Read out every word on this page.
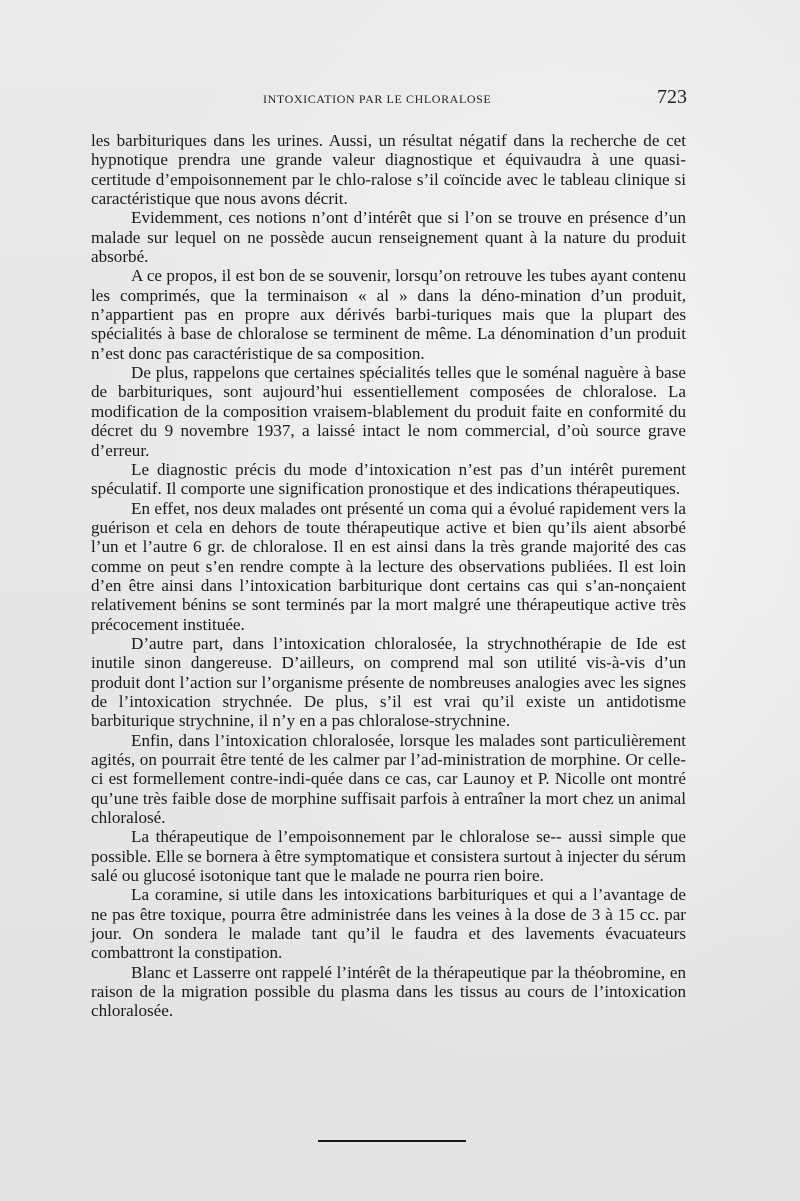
INTOXICATION PAR LE CHLORALOSE	723

les barbituriques dans les urines. Aussi, un résultat négatif dans la recherche de cet hypnotique prendra une grande valeur diagnostique et équivaudra à une quasi-certitude d’empoisonnement par le chlo-ralose s’il coïncide avec le tableau clinique si caractéristique que nous avons décrit.

Evidemment, ces notions n’ont d’intérêt que si l’on se trouve en présence d’un malade sur lequel on ne possède aucun renseignement quant à la nature du produit absorbé.

A ce propos, il est bon de se souvenir, lorsqu’on retrouve les tubes ayant contenu les comprimés, que la terminaison « al » dans la déno-mination d’un produit, n’appartient pas en propre aux dérivés barbi-turiques mais que la plupart des spécialités à base de chloralose se terminent de même. La dénomination d’un produit n’est donc pas caractéristique de sa composition.

De plus, rappelons que certaines spécialités telles que le soménal naguère à base de barbituriques, sont aujourd’hui essentiellement composées de chloralose. La modification de la composition vraisem-blablement du produit faite en conformité du décret du 9 novembre 1937, a laissé intact le nom commercial, d’où source grave d’erreur.

Le diagnostic précis du mode d’intoxication n’est pas d’un intérêt purement spéculatif. Il comporte une signification pronostique et des indications thérapeutiques.

En effet, nos deux malades ont présenté un coma qui a évolué rapidement vers la guérison et cela en dehors de toute thérapeutique active et bien qu’ils aient absorbé l’un et l’autre 6 gr. de chloralose. Il en est ainsi dans la très grande majorité des cas comme on peut s’en rendre compte à la lecture des observations publiées. Il est loin d’en être ainsi dans l’intoxication barbiturique dont certains cas qui s’an-nonçaient relativement bénins se sont terminés par la mort malgré une thérapeutique active très précocement instituée.

D’autre part, dans l’intoxication chloralosée, la strychnothérapie de Ide est inutile sinon dangereuse. D’ailleurs, on comprend mal son utilité vis-à-vis d’un produit dont l’action sur l’organisme présente de nombreuses analogies avec les signes de l’intoxication strychnée. De plus, s’il est vrai qu’il existe un antidotisme barbiturique strychnine, il n’y en a pas chloralose-strychnine.

Enfin, dans l’intoxication chloralosée, lorsque les malades sont particulièrement agités, on pourrait être tenté de les calmer par l’ad-ministration de morphine. Or celle-ci est formellement contre-indi-quée dans ce cas, car Launoy et P. Nicolle ont montré qu’une très faible dose de morphine suffisait parfois à entraîner la mort chez un animal chloralosé.

La thérapeutique de l’empoisonnement par le chloralose se-- aussi simple que possible. Elle se bornera à être symptomatique et consistera surtout à injecter du sérum salé ou glucosé isotonique tant que le malade ne pourra rien boire.

La coramine, si utile dans les intoxications barbituriques et qui a l’avantage de ne pas être toxique, pourra être administrée dans les veines à la dose de 3 à 15 cc. par jour. On sondera le malade tant qu’il le faudra et des lavements évacuateurs combattront la constipation.

Blanc et Lasserre ont rappelé l’intérêt de la thérapeutique par la théobromine, en raison de la migration possible du plasma dans les tissus au cours de l’intoxication chloralosée.
